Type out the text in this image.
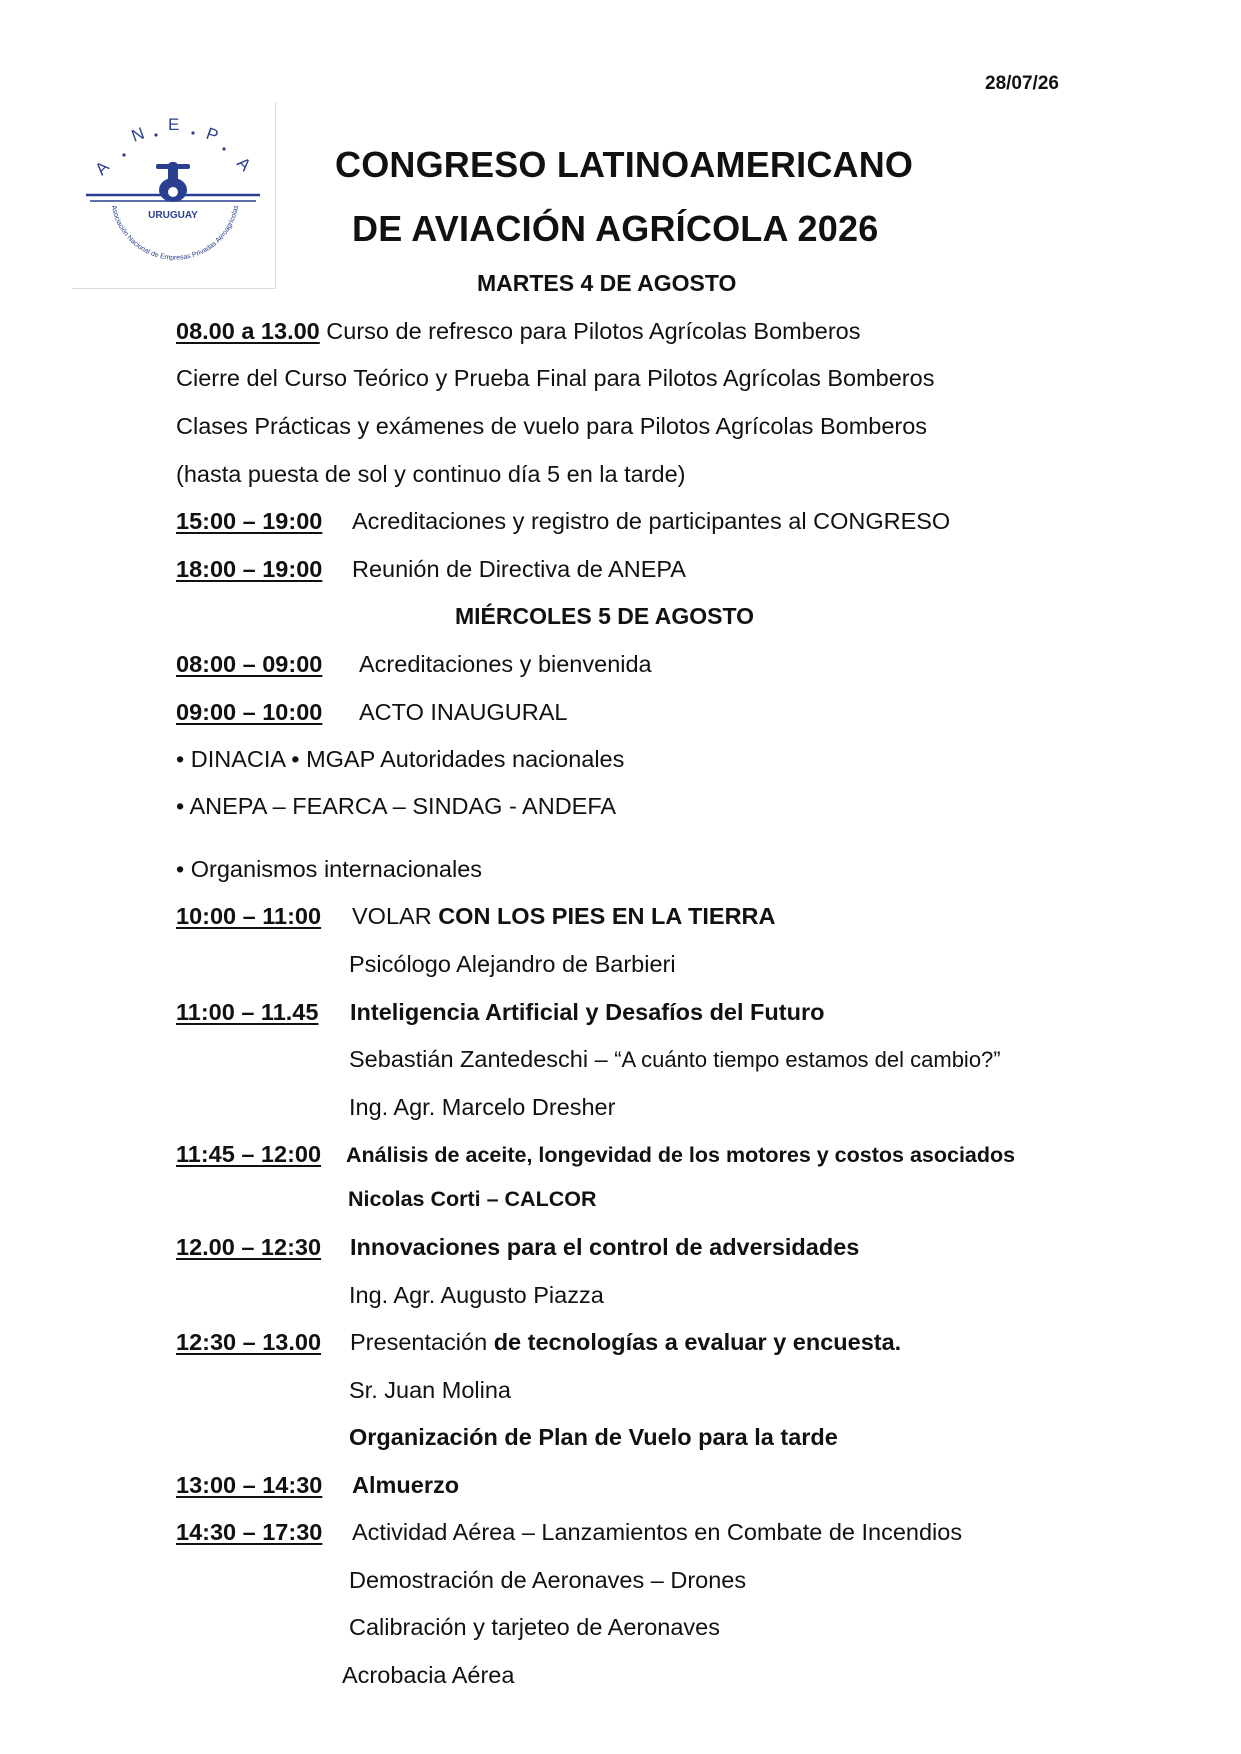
28/07/26
A
N E P
A
URUGUAY
Asociación Nacional de Empresas Privadas Aeroagrícolas
CONGRESO LATINOAMERICANO
DE AVIACIÓN AGRÍCOLA 2026
MARTES 4 DE AGOSTO
08.00 a 13.00 Curso de refresco para Pilotos Agrícolas Bomberos
Cierre del Curso Teórico y Prueba Final para Pilotos Agrícolas Bomberos
Clases Prácticas y exámenes de vuelo para Pilotos Agrícolas Bomberos
(hasta puesta de sol y continuo día 5 en la tarde)
15:00 – 19:00 Acreditaciones y registro de participantes al CONGRESO
18:00 – 19:00 Reunión de Directiva de ANEPA
MIÉRCOLES 5 DE AGOSTO
08:00 – 09:00 Acreditaciones y bienvenida
09:00 – 10:00 ACTO INAUGURAL
• DINACIA • MGAP Autoridades nacionales
• ANEPA – FEARCA – SINDAG - ANDEFA
• Organismos internacionales
10:00 – 11:00 VOLAR CON LOS PIES EN LA TIERRA
Psicólogo Alejandro de Barbieri
11:00 – 11.45 Inteligencia Artificial y Desafíos del Futuro
Sebastián Zantedeschi – “A cuánto tiempo estamos del cambio?”
Ing. Agr. Marcelo Dresher
11:45 – 12:00 Análisis de aceite, longevidad de los motores y costos asociados
Nicolas Corti – CALCOR
12.00 – 12:30 Innovaciones para el control de adversidades
Ing. Agr. Augusto Piazza
12:30 – 13.00 Presentación de tecnologías a evaluar y encuesta.
Sr. Juan Molina
Organización de Plan de Vuelo para la tarde
13:00 – 14:30 Almuerzo
14:30 – 17:30 Actividad Aérea – Lanzamientos en Combate de Incendios
Demostración de Aeronaves – Drones
Calibración y tarjeteo de Aeronaves
Acrobacia Aérea
